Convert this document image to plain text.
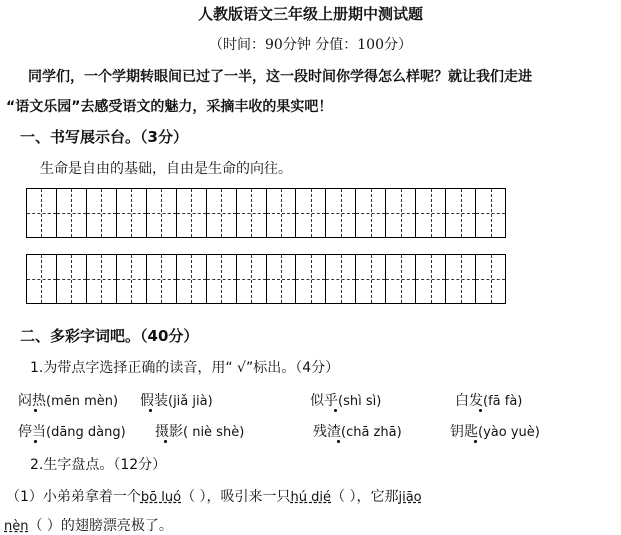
人教版语文三年级上册期中测试题
（时间：90分钟 分值：100分）
同学们，一个学期转眼间已过了一半，这一段时间你学得怎么样呢？就让我们走进
“语文乐园”去感受语文的魅力，采摘丰收的果实吧！
一、书写展示台。（3分）
生命是自由的基础，自由是生命的向往。
二、多彩字词吧。（40分）
1.为带点字选择正确的读音，用“ √”标出。（4分）
闷热(mēn mèn) 假装(jiǎ jià)	似乎(shì sì)	白发(fā fà)
停当(dāng dàng) 摄影( niè shè)	残渣(chā zhā)	钥匙(yào yuè)
2.生字盘点。（12分）
（1）小弟弟拿着一个bō luó（ ），吸引来一只hú dié（ ），它那jiāo
nèn（ ）的翅膀漂亮极了。
